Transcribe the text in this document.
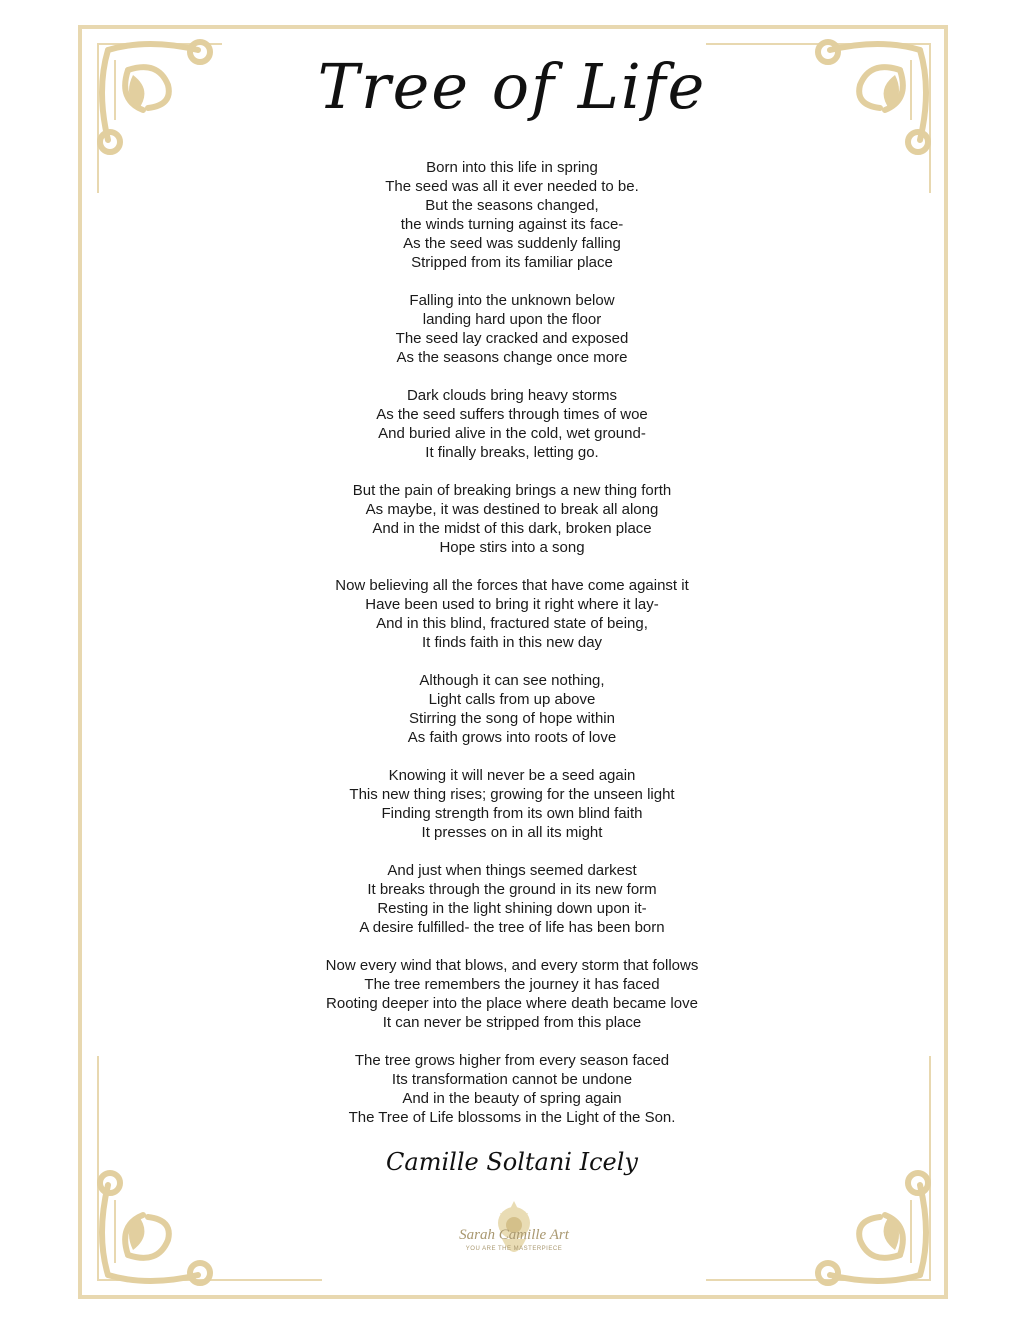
Tree of Life
Born into this life in spring
The seed was all it ever needed to be.
But the seasons changed,
the winds turning against its face-
As the seed was suddenly falling
Stripped from its familiar place
Falling into the unknown below
landing hard upon the floor
The seed lay cracked and exposed
As the seasons change once more
Dark clouds bring heavy storms
As the seed suffers through times of woe
And buried alive in the cold, wet ground-
It finally breaks, letting go.
But the pain of breaking brings a new thing forth
As maybe, it was destined to break all along
And in the midst of this dark, broken place
Hope stirs into a song
Now believing all the forces that have come against it
Have been used to bring it right where it lay-
And in this blind, fractured state of being,
It finds faith in this new day
Although it can see nothing,
Light calls from up above
Stirring the song of hope within
As faith grows into roots of love
Knowing it will never be a seed again
This new thing rises; growing for the unseen light
Finding strength from its own blind faith
It presses on in all its might
And just when things seemed darkest
It breaks through the ground in its new form
Resting in the light shining down upon it-
A desire fulfilled- the tree of life has been born
Now every wind that blows, and every storm that follows
The tree remembers the journey it has faced
Rooting deeper into the place where death became love
It can never be stripped from this place
The tree grows higher from every season faced
Its transformation cannot be undone
And in the beauty of spring again
The Tree of Life blossoms in the Light of the Son.
Camille Soltani Icely
Sarah Camille Art
YOU ARE THE MASTERPIECE
